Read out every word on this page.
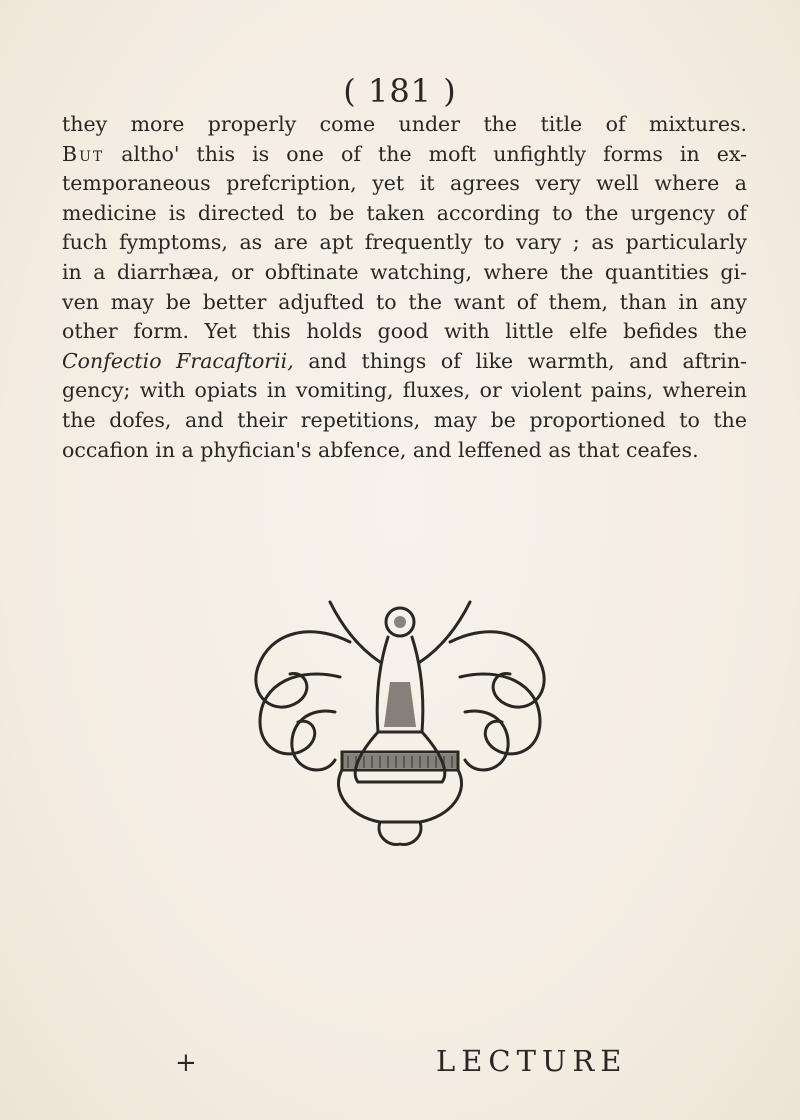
( 181 )
they more properly come under the title of mixtures.
But altho' this is one of the moft unfightly forms in ex-
temporaneous prefcription, yet it agrees very well where a
medicine is directed to be taken according to the urgency of
fuch fymptoms, as are apt frequently to vary ; as particularly
in a diarrhæa, or obftinate watching, where the quantities gi-
ven may be better adjufted to the want of them, than in any
other form. Yet this holds good with little elfe befides the
Confectio Fracaftorii, and things of like warmth, and aftrin-
gency; with opiats in vomiting, fluxes, or violent pains, wherein
the dofes, and their repetitions, may be proportioned to the
occafion in a phyfician's abfence, and leffened as that ceafes.
+	LECTURE
